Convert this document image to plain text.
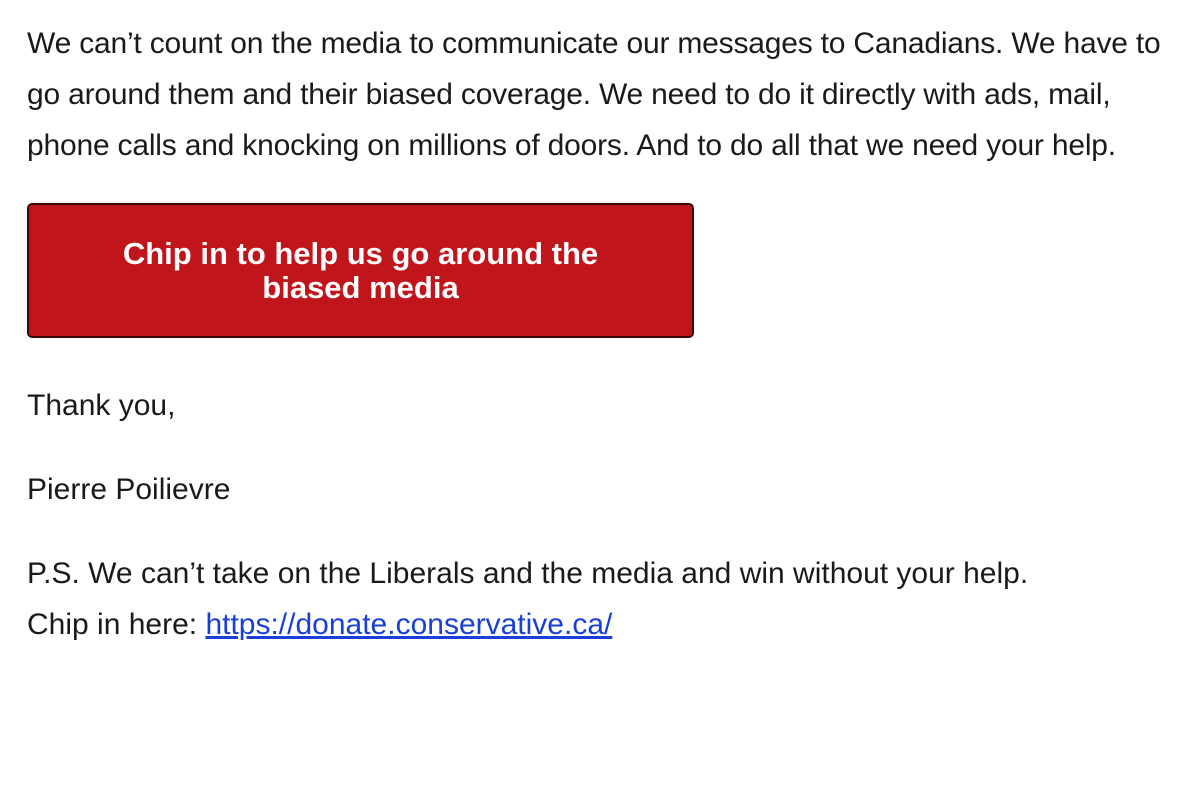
We can’t count on the media to communicate our messages to Canadians. We have to go around them and their biased coverage. We need to do it directly with ads, mail, phone calls and knocking on millions of doors. And to do all that we need your help.

Chip in to help us go around the biased media

Thank you,

Pierre Poilievre

P.S. We can’t take on the Liberals and the media and win without your help.
Chip in here: https://donate.conservative.ca/
